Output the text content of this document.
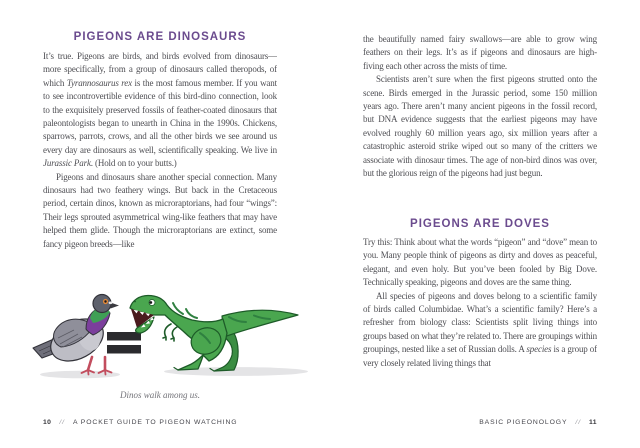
PIGEONS ARE DINOSAURS

It’s true. Pigeons are birds, and birds evolved from dinosaurs—more specifically, from a group of dinosaurs called theropods, of which Tyrannosaurus rex is the most famous member. If you want to see incontrovertible evidence of this bird-dino connection, look to the exquisitely preserved fossils of feather-coated dinosaurs that paleontologists began to unearth in China in the 1990s. Chickens, sparrows, parrots, crows, and all the other birds we see around us every day are dinosaurs as well, scientifically speaking. We live in Jurassic Park. (Hold on to your butts.)

Pigeons and dinosaurs share another special connection. Many dinosaurs had two feathery wings. But back in the Cretaceous period, certain dinos, known as microraptorians, had four “wings”: Their legs sprouted asymmetrical wing-like feathers that may have helped them glide. Though the microraptorians are extinct, some fancy pigeon breeds—like

Dinos walk among us.
10 // A POCKET GUIDE TO PIGEON WATCHING

the beautifully named fairy swallows—are able to grow wing feathers on their legs. It’s as if pigeons and dinosaurs are high-fiving each other across the mists of time.

Scientists aren’t sure when the first pigeons strutted onto the scene. Birds emerged in the Jurassic period, some 150 million years ago. There aren’t many ancient pigeons in the fossil record, but DNA evidence suggests that the earliest pigeons may have evolved roughly 60 million years ago, six million years after a catastrophic asteroid strike wiped out so many of the critters we associate with dinosaur times. The age of non-bird dinos was over, but the glorious reign of the pigeons had just begun.

PIGEONS ARE DOVES

Try this: Think about what the words “pigeon” and “dove” mean to you. Many people think of pigeons as dirty and doves as peaceful, elegant, and even holy. But you’ve been fooled by Big Dove. Technically speaking, pigeons and doves are the same thing.

All species of pigeons and doves belong to a scientific family of birds called Columbidae. What’s a scientific family? Here’s a refresher from biology class: Scientists split living things into groups based on what they’re related to. There are groupings within groupings, nested like a set of Russian dolls. A species is a group of very closely related living things that

BASIC PIGEONOLOGY // 11
